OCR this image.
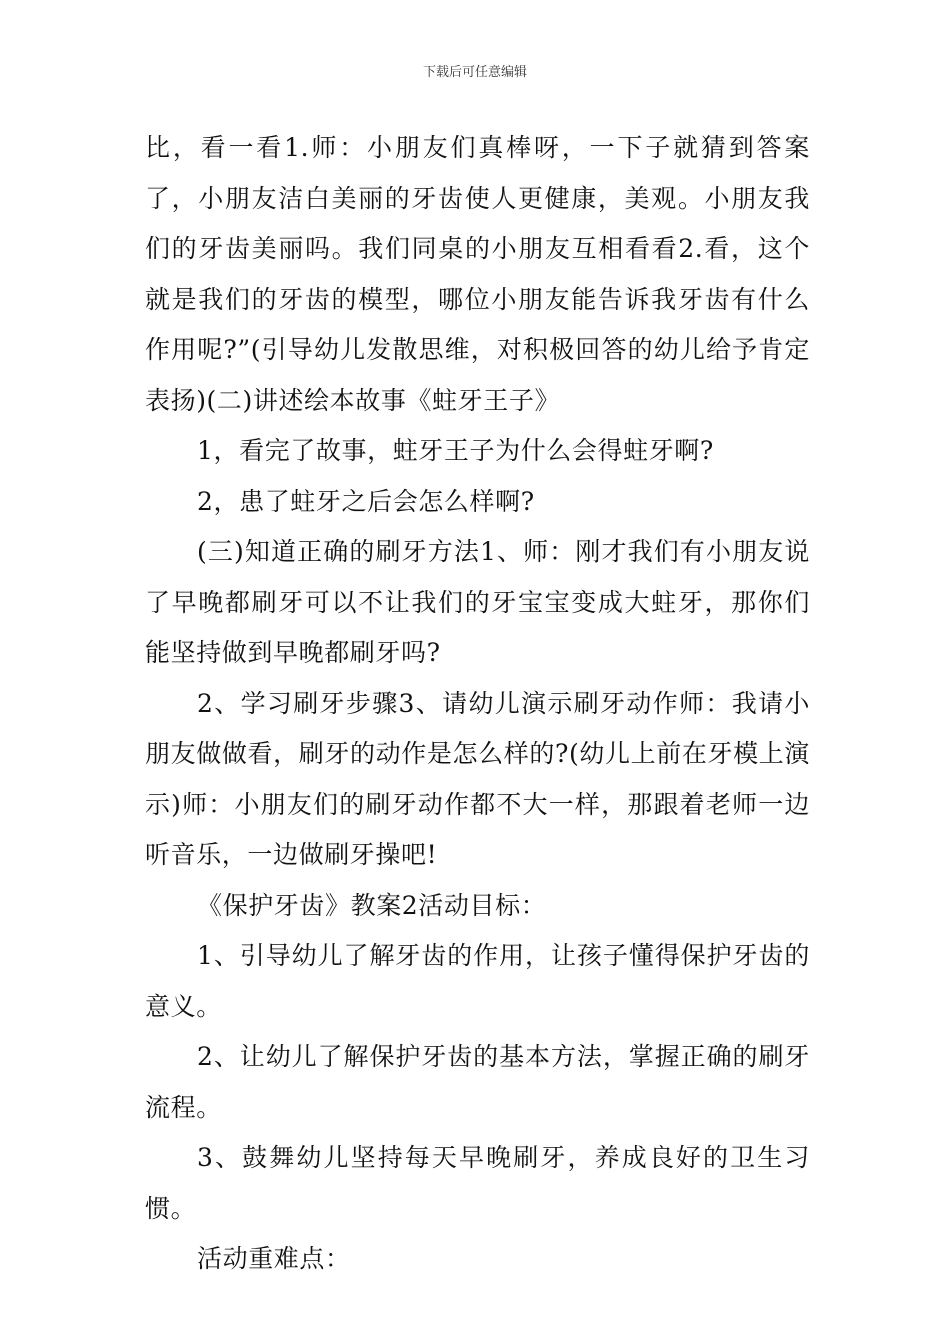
下载后可任意编辑

比，看一看1.师：小朋友们真棒呀，一下子就猜到答案了，小朋友洁白美丽的牙齿使人更健康，美观。小朋友我们的牙齿美丽吗。我们同桌的小朋友互相看看2.看，这个就是我们的牙齿的模型，哪位小朋友能告诉我牙齿有什么作用呢?”(引导幼儿发散思维，对积极回答的幼儿给予肯定表扬)(二)讲述绘本故事《蛀牙王子》

1，看完了故事，蛀牙王子为什么会得蛀牙啊?

2，患了蛀牙之后会怎么样啊?

(三)知道正确的刷牙方法1、师：刚才我们有小朋友说了早晚都刷牙可以不让我们的牙宝宝变成大蛀牙，那你们能坚持做到早晚都刷牙吗?

2、学习刷牙步骤3、请幼儿演示刷牙动作师：我请小朋友做做看，刷牙的动作是怎么样的?(幼儿上前在牙模上演示)师：小朋友们的刷牙动作都不大一样，那跟着老师一边听音乐，一边做刷牙操吧!

《保护牙齿》教案2活动目标：

1、引导幼儿了解牙齿的作用，让孩子懂得保护牙齿的意义。

2、让幼儿了解保护牙齿的基本方法，掌握正确的刷牙流程。

3、鼓舞幼儿坚持每天早晚刷牙，养成良好的卫生习惯。

活动重难点：
